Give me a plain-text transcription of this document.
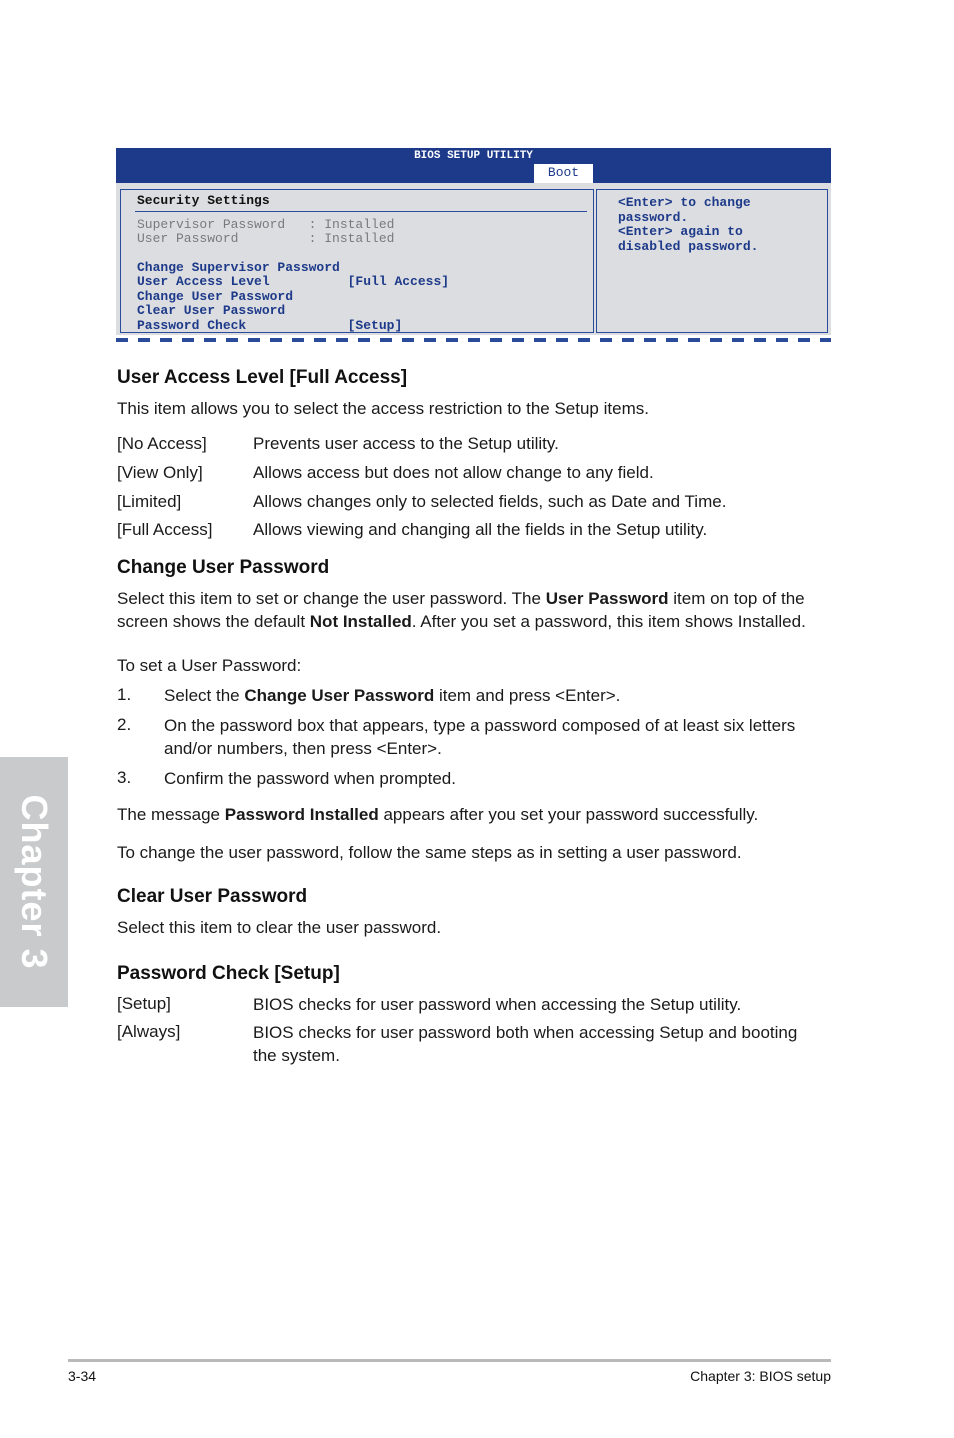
Chapter 3
BIOS SETUP UTILITY
Boot
Security Settings
Supervisor Password   : Installed
User Password         : Installed
Change Supervisor Password
User Access Level          [Full Access]
Change User Password
Clear User Password
Password Check             [Setup]
<Enter> to change
password.
<Enter> again to
disabled password.
User Access Level [Full Access]
This item allows you to select the access restriction to the Setup items.
[No Access]	Prevents user access to the Setup utility.
[View Only]	Allows access but does not allow change to any field.
[Limited]	Allows changes only to selected fields, such as Date and Time.
[Full Access] Allows viewing and changing all the fields in the Setup utility.
Change User Password
Select this item to set or change the user password. The User Password item on top of the
screen shows the default Not Installed. After you set a password, this item shows Installed.
To set a User Password:
1. Select the Change User Password item and press <Enter>.
2. On the password box that appears, type a password composed of at least six letters
and/or numbers, then press <Enter>.
3. Confirm the password when prompted.
The message Password Installed appears after you set your password successfully.
To change the user password, follow the same steps as in setting a user password.
Clear User Password
Select this item to clear the user password.
Password Check [Setup]
[Setup]	BIOS checks for user password when accessing the Setup utility.
[Always]	BIOS checks for user password both when accessing Setup and booting
the system.
3-34	Chapter 3: BIOS setup
